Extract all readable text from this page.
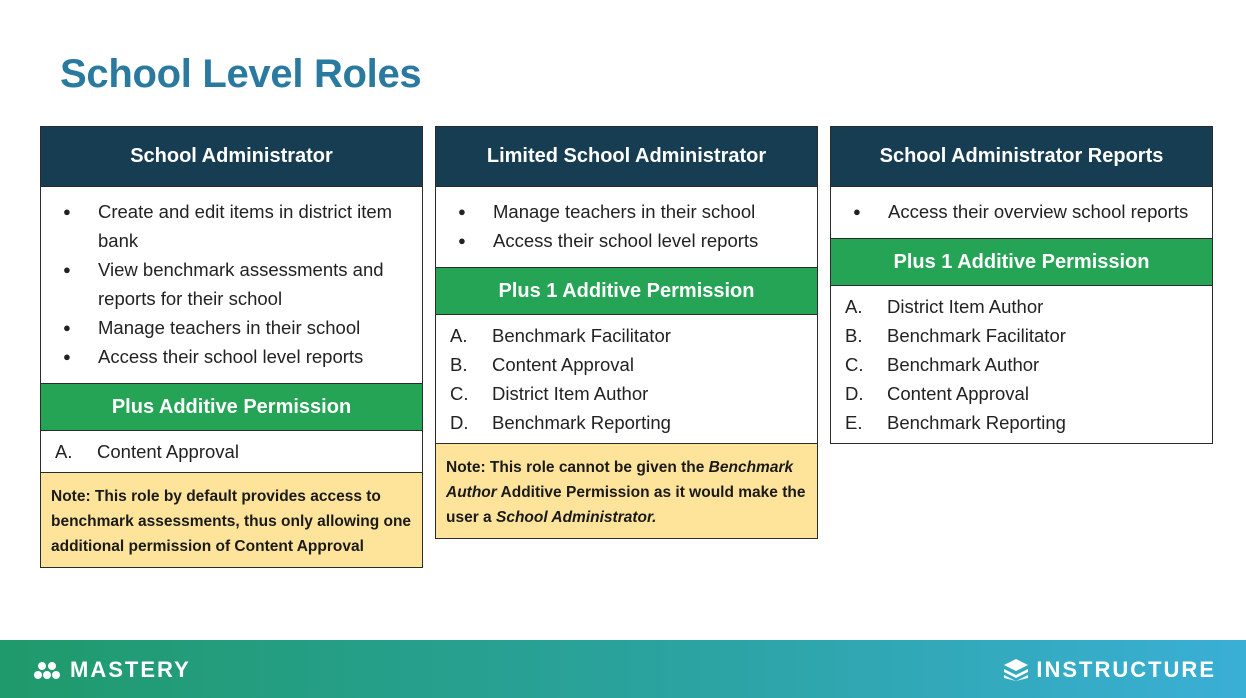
School Level Roles
School Administrator
● Create and edit items in district item bank
● View benchmark assessments and reports for their school
● Manage teachers in their school
● Access their school level reports
Plus Additive Permission
A.	Content Approval
Note: This role by default provides access to benchmark assessments, thus only allowing one additional permission of Content Approval
Limited School Administrator
● Manage teachers in their school
● Access their school level reports
Plus 1 Additive Permission
A.	Benchmark Facilitator
B.	Content Approval
C.	District Item Author
D.	Benchmark Reporting
Note: This role cannot be given the Benchmark Author Additive Permission as it would make the user a School Administrator.
School Administrator Reports
● Access their overview school reports
Plus 1 Additive Permission
A.	District Item Author
B.	Benchmark Facilitator
C.	Benchmark Author
D.	Content Approval
E.	Benchmark Reporting
MASTERY	INSTRUCTURE
